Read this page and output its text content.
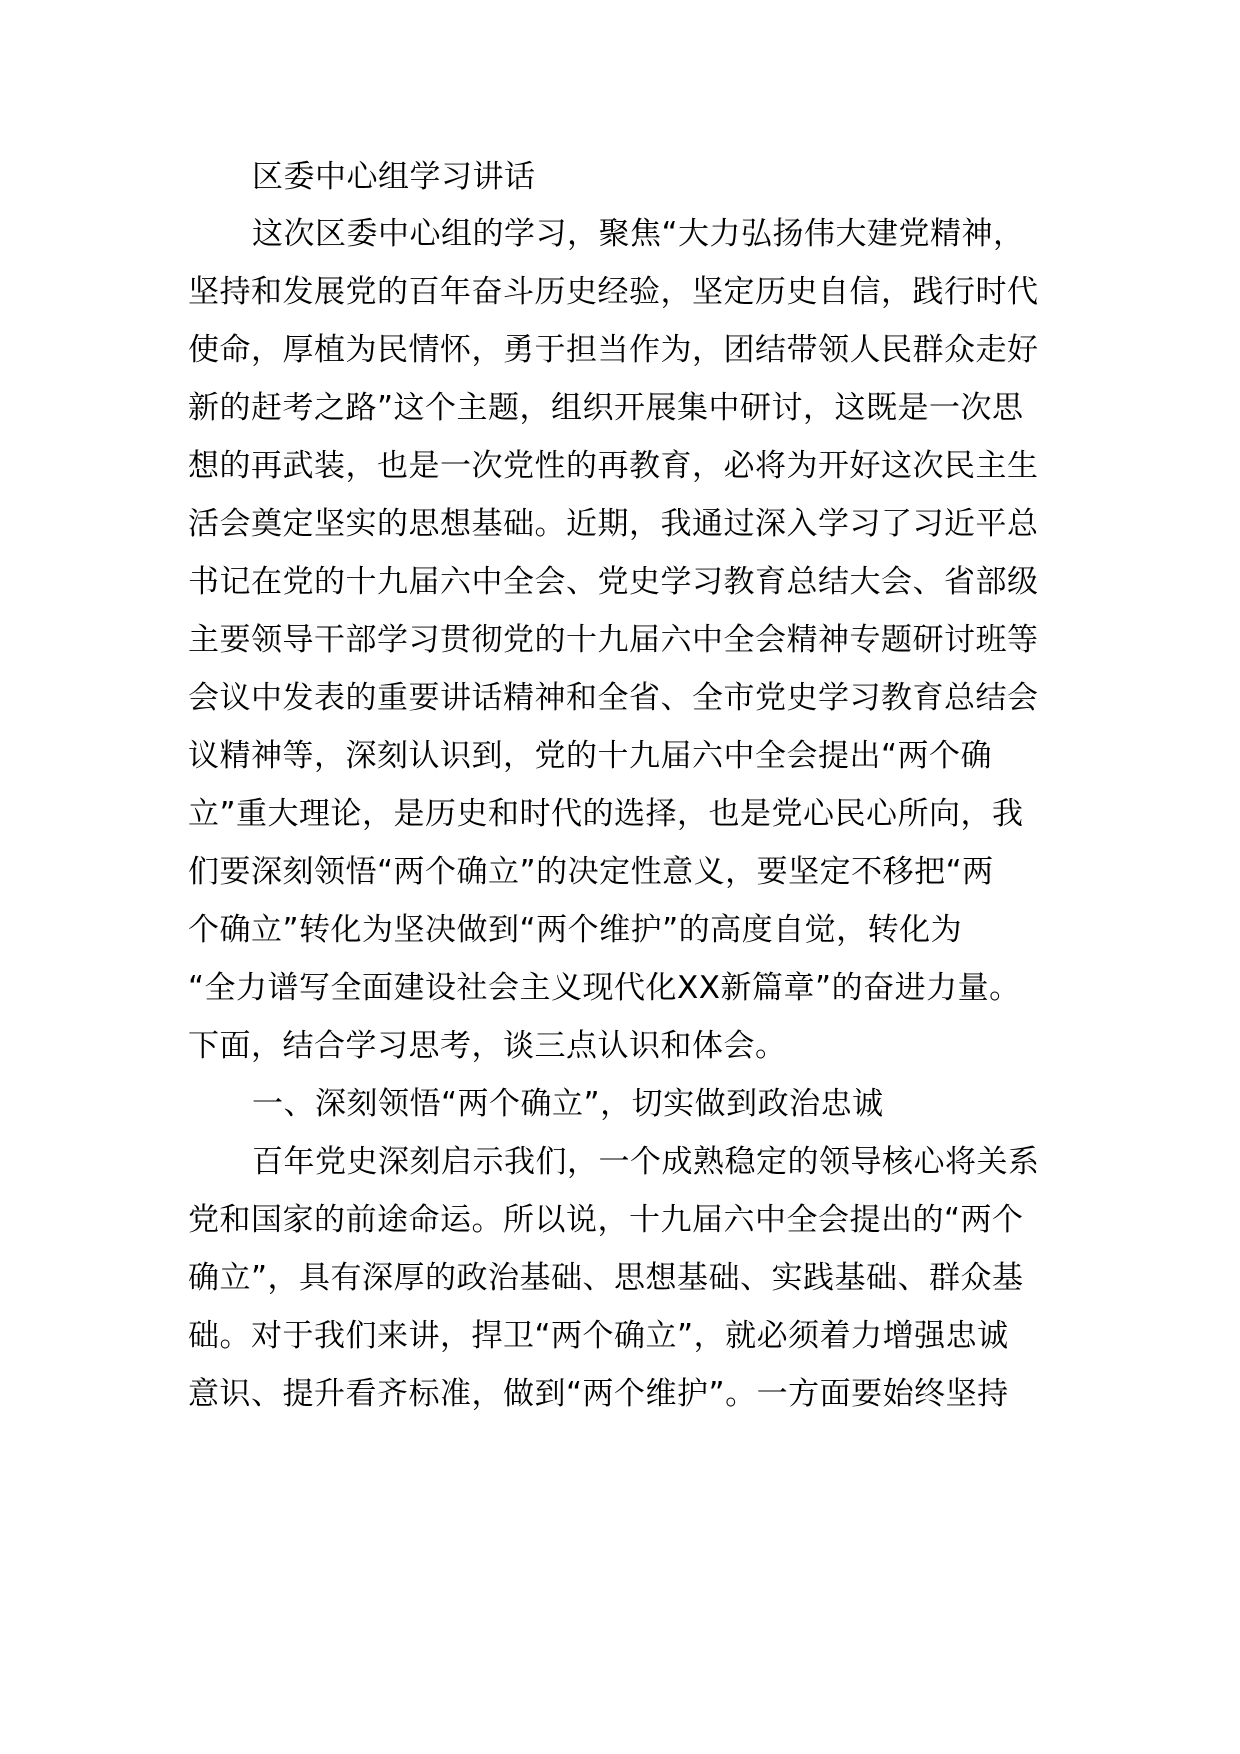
区委中心组学习讲话
这次区委中心组的学习，聚焦“大力弘扬伟大建党精神，
坚持和发展党的百年奋斗历史经验，坚定历史自信，践行时代
使命，厚植为民情怀，勇于担当作为，团结带领人民群众走好
新的赶考之路”这个主题，组织开展集中研讨，这既是一次思
想的再武装，也是一次党性的再教育，必将为开好这次民主生
活会奠定坚实的思想基础。近期，我通过深入学习了习近平总
书记在党的十九届六中全会、党史学习教育总结大会、省部级
主要领导干部学习贯彻党的十九届六中全会精神专题研讨班等
会议中发表的重要讲话精神和全省、全市党史学习教育总结会
议精神等，深刻认识到，党的十九届六中全会提出“两个确
立”重大理论，是历史和时代的选择，也是党心民心所向，我
们要深刻领悟“两个确立”的决定性意义，要坚定不移把“两
个确立”转化为坚决做到“两个维护”的高度自觉，转化为
“全力谱写全面建设社会主义现代化XX新篇章”的奋进力量。
下面，结合学习思考，谈三点认识和体会。
一、深刻领悟“两个确立”，切实做到政治忠诚
百年党史深刻启示我们，一个成熟稳定的领导核心将关系
党和国家的前途命运。所以说，十九届六中全会提出的“两个
确立”，具有深厚的政治基础、思想基础、实践基础、群众基
础。对于我们来讲，捍卫“两个确立”，就必须着力增强忠诚
意识、提升看齐标准，做到“两个维护”。一方面要始终坚持
